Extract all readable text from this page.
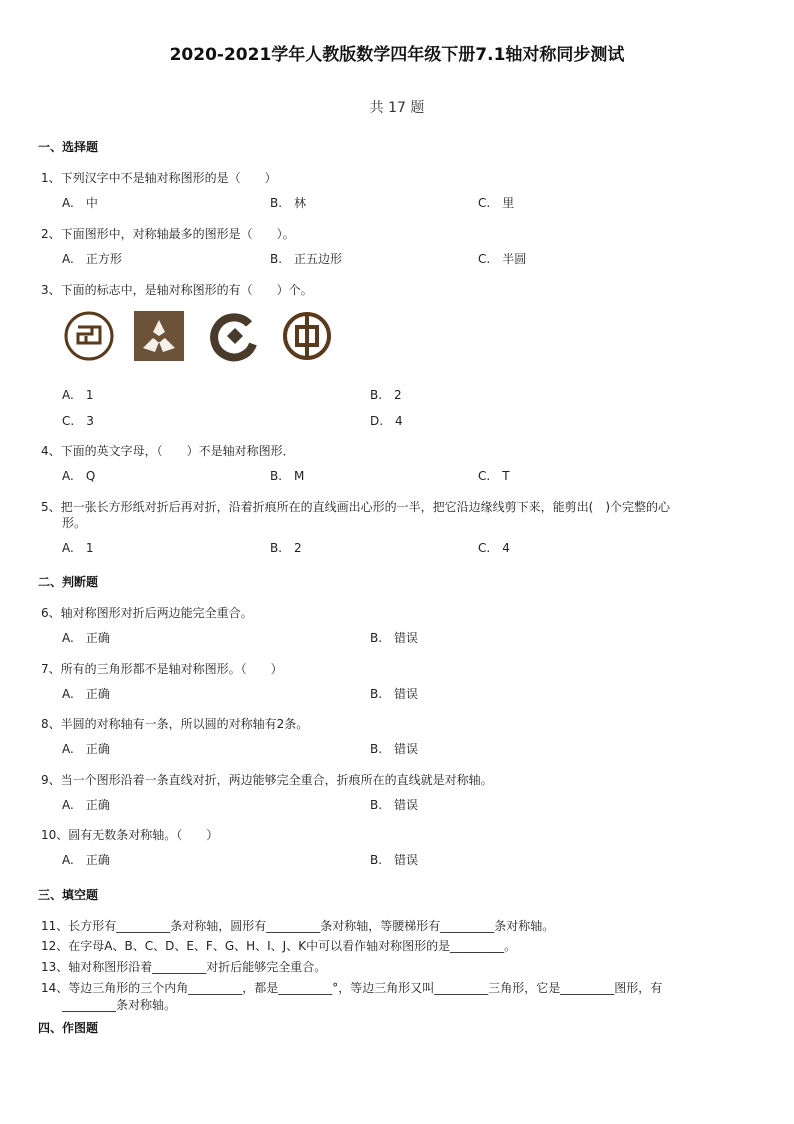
2020-2021学年人教版数学四年级下册7.1轴对称同步测试
共 17 题
一、选择题
1、下列汉字中不是轴对称图形的是（　　）
A.　中	B.　林	C.　里
2、下面图形中，对称轴最多的图形是（　　）。
A.　正方形	B.　正五边形	C.　半圆
3、下面的标志中，是轴对称图形的有（　　）个。
A.　1	B.　2
C.　3	D.　4
4、下面的英文字母，（　　）不是轴对称图形．
A.　Q	B.　M	C.　T
5、把一张长方形纸对折后再对折，沿着折痕所在的直线画出心形的一半，把它沿边缘线剪下来，能剪出(　)个完整的心
形。
A.　1	B.　2	C.　4
二、判断题
6、轴对称图形对折后两边能完全重合。
A.　正确	B.　错误
7、所有的三角形都不是轴对称图形。（　　）
A.　正确	B.　错误
8、半圆的对称轴有一条，所以圆的对称轴有2条。
A.　正确	B.　错误
9、当一个图形沿着一条直线对折，两边能够完全重合，折痕所在的直线就是对称轴。
A.　正确	B.　错误
10、圆有无数条对称轴。（　　）
A.　正确	B.　错误
三、填空题
11、长方形有_________条对称轴，圆形有_________条对称轴，等腰梯形有_________条对称轴。
12、在字母A、B、C、D、E、F、G、H、I、J、K中可以看作轴对称图形的是_________。
13、轴对称图形沿着_________对折后能够完全重合。
14、等边三角形的三个内角_________，都是_________°，等边三角形又叫_________三角形，它是_________图形，有
_________条对称轴。
四、作图题
